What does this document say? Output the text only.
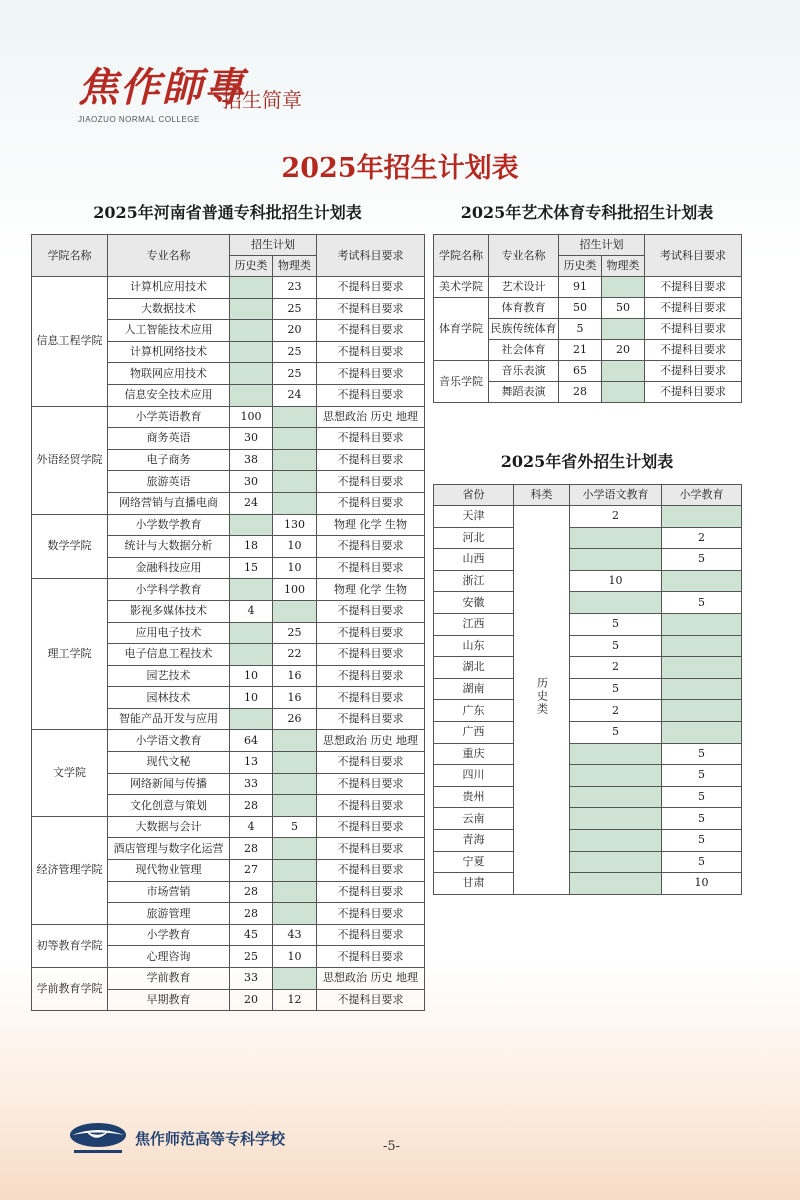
焦作師專
JIAOZUO NORMAL COLLEGE
招生简章
2025年招生计划表
2025年河南省普通专科批招生计划表	2025年艺术体育专科批招生计划表
2025年省外招生计划表
学院名称	专业名称	招生计划		考试科目要求
		历史类	物理类	
信息工程学院	计算机应用技术		23	不提科目要求
	大数据技术		25	不提科目要求
	人工智能技术应用		20	不提科目要求
	计算机网络技术		25	不提科目要求
	物联网应用技术		25	不提科目要求
	信息安全技术应用		24	不提科目要求
外语经贸学院	小学英语教育	100		思想政治 历史 地理
	商务英语	30		不提科目要求
	电子商务	38		不提科目要求
	旅游英语	30		不提科目要求
	网络营销与直播电商	24		不提科目要求
数学学院	小学数学教育		130	物理 化学 生物
	统计与大数据分析	18	10	不提科目要求
	金融科技应用	15	10	不提科目要求
理工学院	小学科学教育		100	物理 化学 生物
	影视多媒体技术	4		不提科目要求
	应用电子技术		25	不提科目要求
	电子信息工程技术		22	不提科目要求
	园艺技术	10	16	不提科目要求
	园林技术	10	16	不提科目要求
	智能产品开发与应用		26	不提科目要求
文学院	小学语文教育	64		思想政治 历史 地理
	现代文秘	13		不提科目要求
	网络新闻与传播	33		不提科目要求
	文化创意与策划	28		不提科目要求
经济管理学院	大数据与会计	4	5	不提科目要求
	酒店管理与数字化运营	28		不提科目要求
	现代物业管理	27		不提科目要求
	市场营销	28		不提科目要求
	旅游管理	28		不提科目要求
初等教育学院	小学教育	45	43	不提科目要求
	心理咨询	25	10	不提科目要求
学前教育学院	学前教育	33		思想政治 历史 地理
	早期教育	20	12	不提科目要求
学院名称	专业名称	招生计划		考试科目要求
		历史类	物理类	
美术学院	艺术设计	91		不提科目要求
体育学院	体育教育	50	50	不提科目要求
	民族传统体育	5		不提科目要求
	社会体育	21	20	不提科目要求
音乐学院	音乐表演	65		不提科目要求
	舞蹈表演	28		不提科目要求
省份	科类	小学语文教育	小学教育
天津	历史类	2	
河北			2
山西			5
浙江		10	
安徽			5
江西		5	
山东		5	
湖北		2	
湖南		5	
广东		2	
广西		5	
重庆			5
四川			5
贵州			5
云南			5
青海			5
宁夏			5
甘肃			10
焦作师范高等专科学校	-5-
